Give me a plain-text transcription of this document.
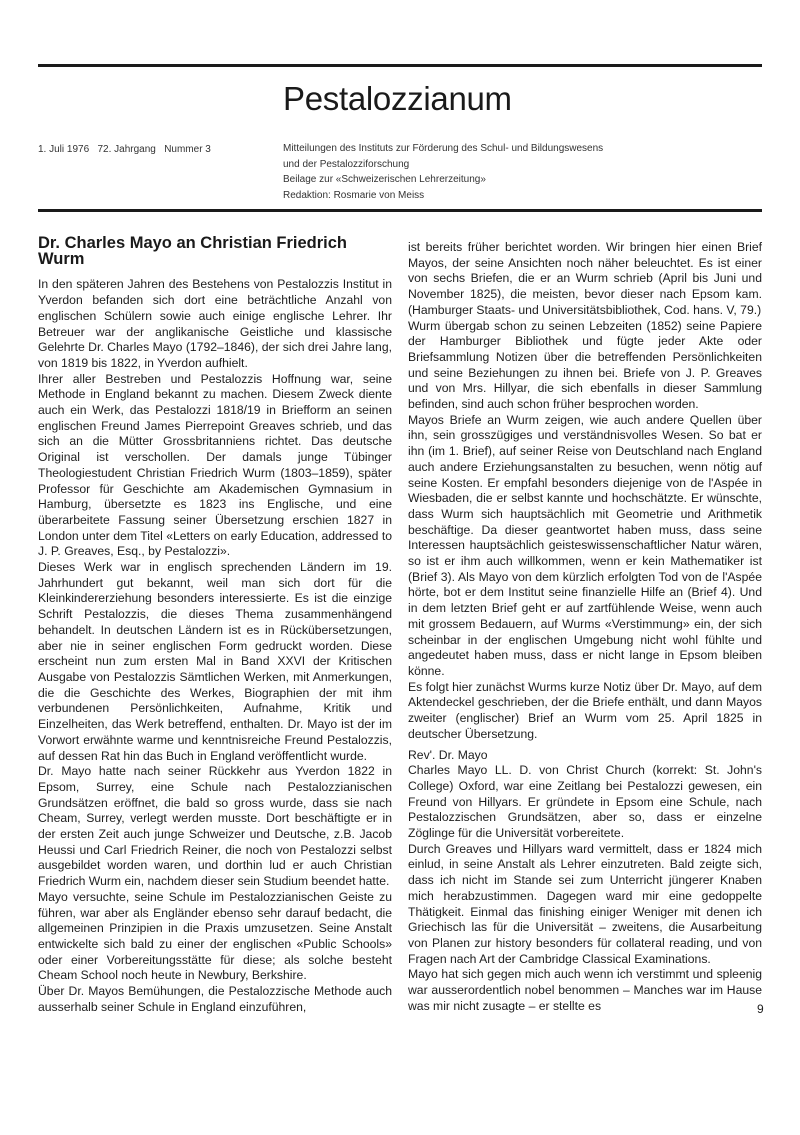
Pestalozzianum
1. Juli 1976   72. Jahrgang   Nummer 3	Mitteilungen des Instituts zur Förderung des Schul- und Bildungswesens
und der Pestalozziforschung
Beilage zur «Schweizerischen Lehrerzeitung»
Redaktion: Rosmarie von Meiss

Dr. Charles Mayo an Christian Friedrich Wurm

In den späteren Jahren des Bestehens von Pestalozzis Institut in Yverdon befanden sich dort eine beträchtliche Anzahl von englischen Schülern sowie auch einige englische Lehrer. Ihr Betreuer war der anglikanische Geistliche und klassische Gelehrte Dr. Charles Mayo (1792–1846), der sich drei Jahre lang, von 1819 bis 1822, in Yverdon aufhielt.

Ihrer aller Bestreben und Pestalozzis Hoffnung war, seine Methode in England bekannt zu machen. Diesem Zweck diente auch ein Werk, das Pestalozzi 1818/19 in Briefform an seinen englischen Freund James Pierrepoint Greaves schrieb, und das sich an die Mütter Grossbritanniens richtet. Das deutsche Original ist verschollen. Der damals junge Tübinger Theologiestudent Christian Friedrich Wurm (1803–1859), später Professor für Geschichte am Akademischen Gymnasium in Hamburg, übersetzte es 1823 ins Englische, und eine überarbeitete Fassung seiner Übersetzung erschien 1827 in London unter dem Titel «Letters on early Education, addressed to J. P. Greaves, Esq., by Pestalozzi».

Dieses Werk war in englisch sprechenden Ländern im 19. Jahrhundert gut bekannt, weil man sich dort für die Kleinkindererziehung besonders interessierte. Es ist die einzige Schrift Pestalozzis, die dieses Thema zusammenhängend behandelt. In deutschen Ländern ist es in Rückübersetzungen, aber nie in seiner englischen Form gedruckt worden. Diese erscheint nun zum ersten Mal in Band XXVI der Kritischen Ausgabe von Pestalozzis Sämtlichen Werken, mit Anmerkungen, die die Geschichte des Werkes, Biographien der mit ihm verbundenen Persönlichkeiten, Aufnahme, Kritik und Einzelheiten, das Werk betreffend, enthalten. Dr. Mayo ist der im Vorwort erwähnte warme und kenntnisreiche Freund Pestalozzis, auf dessen Rat hin das Buch in England veröffentlicht wurde.

Dr. Mayo hatte nach seiner Rückkehr aus Yverdon 1822 in Epsom, Surrey, eine Schule nach Pestalozzianischen Grundsätzen eröffnet, die bald so gross wurde, dass sie nach Cheam, Surrey, verlegt werden musste. Dort beschäftigte er in der ersten Zeit auch junge Schweizer und Deutsche, z.B. Jacob Heussi und Carl Friedrich Reiner, die noch von Pestalozzi selbst ausgebildet worden waren, und dorthin lud er auch Christian Friedrich Wurm ein, nachdem dieser sein Studium beendet hatte.

Mayo versuchte, seine Schule im Pestalozzianischen Geiste zu führen, war aber als Engländer ebenso sehr darauf bedacht, die allgemeinen Prinzipien in die Praxis umzusetzen. Seine Anstalt entwickelte sich bald zu einer der englischen «Public Schools» oder einer Vorbereitungsstätte für diese; als solche besteht Cheam School noch heute in Newbury, Berkshire.

Über Dr. Mayos Bemühungen, die Pestalozzische Methode auch ausserhalb seiner Schule in England einzuführen,

ist bereits früher berichtet worden. Wir bringen hier einen Brief Mayos, der seine Ansichten noch näher beleuchtet. Es ist einer von sechs Briefen, die er an Wurm schrieb (April bis Juni und November 1825), die meisten, bevor dieser nach Epsom kam. (Hamburger Staats- und Universitätsbibliothek, Cod. hans. V, 79.)

Wurm übergab schon zu seinen Lebzeiten (1852) seine Papiere der Hamburger Bibliothek und fügte jeder Akte oder Briefsammlung Notizen über die betreffenden Persönlichkeiten und seine Beziehungen zu ihnen bei. Briefe von J. P. Greaves und von Mrs. Hillyar, die sich ebenfalls in dieser Sammlung befinden, sind auch schon früher besprochen worden.

Mayos Briefe an Wurm zeigen, wie auch andere Quellen über ihn, sein grosszügiges und verständnisvolles Wesen. So bat er ihn (im 1. Brief), auf seiner Reise von Deutschland nach England auch andere Erziehungsanstalten zu besuchen, wenn nötig auf seine Kosten. Er empfahl besonders diejenige von de l'Aspée in Wiesbaden, die er selbst kannte und hochschätzte. Er wünschte, dass Wurm sich hauptsächlich mit Geometrie und Arithmetik beschäftige. Da dieser geantwortet haben muss, dass seine Interessen hauptsächlich geisteswissenschaftlicher Natur wären, so ist er ihm auch willkommen, wenn er kein Mathematiker ist (Brief 3). Als Mayo von dem kürzlich erfolgten Tod von de l'Aspée hörte, bot er dem Institut seine finanzielle Hilfe an (Brief 4). Und in dem letzten Brief geht er auf zartfühlende Weise, wenn auch mit grossem Bedauern, auf Wurms «Verstimmung» ein, der sich scheinbar in der englischen Umgebung nicht wohl fühlte und angedeutet haben muss, dass er nicht lange in Epsom bleiben könne.

Es folgt hier zunächst Wurms kurze Notiz über Dr. Mayo, auf dem Aktendeckel geschrieben, der die Briefe enthält, und dann Mayos zweiter (englischer) Brief an Wurm vom 25. April 1825 in deutscher Übersetzung.

Rev'. Dr. Mayo

Charles Mayo LL. D. von Christ Church (korrekt: St. John's College) Oxford, war eine Zeitlang bei Pestalozzi gewesen, ein Freund von Hillyars. Er gründete in Epsom eine Schule, nach Pestalozzischen Grundsätzen, aber so, dass er einzelne Zöglinge für die Universität vorbereitete.

Durch Greaves und Hillyars ward vermittelt, dass er 1824 mich einlud, in seine Anstalt als Lehrer einzutreten. Bald zeigte sich, dass ich nicht im Stande sei zum Unterricht jüngerer Knaben mich herabzustimmen. Dagegen ward mir eine gedoppelte Thätigkeit. Einmal das finishing einiger Weniger mit denen ich Griechisch las für die Universität – zweitens, die Ausarbeitung von Planen zur history besonders für collateral reading, und von Fragen nach Art der Cambridge Classical Examinations.

Mayo hat sich gegen mich auch wenn ich verstimmt und spleenig war ausserordentlich nobel benommen – Manches war im Hause was mir nicht zusagte – er stellte es	9
